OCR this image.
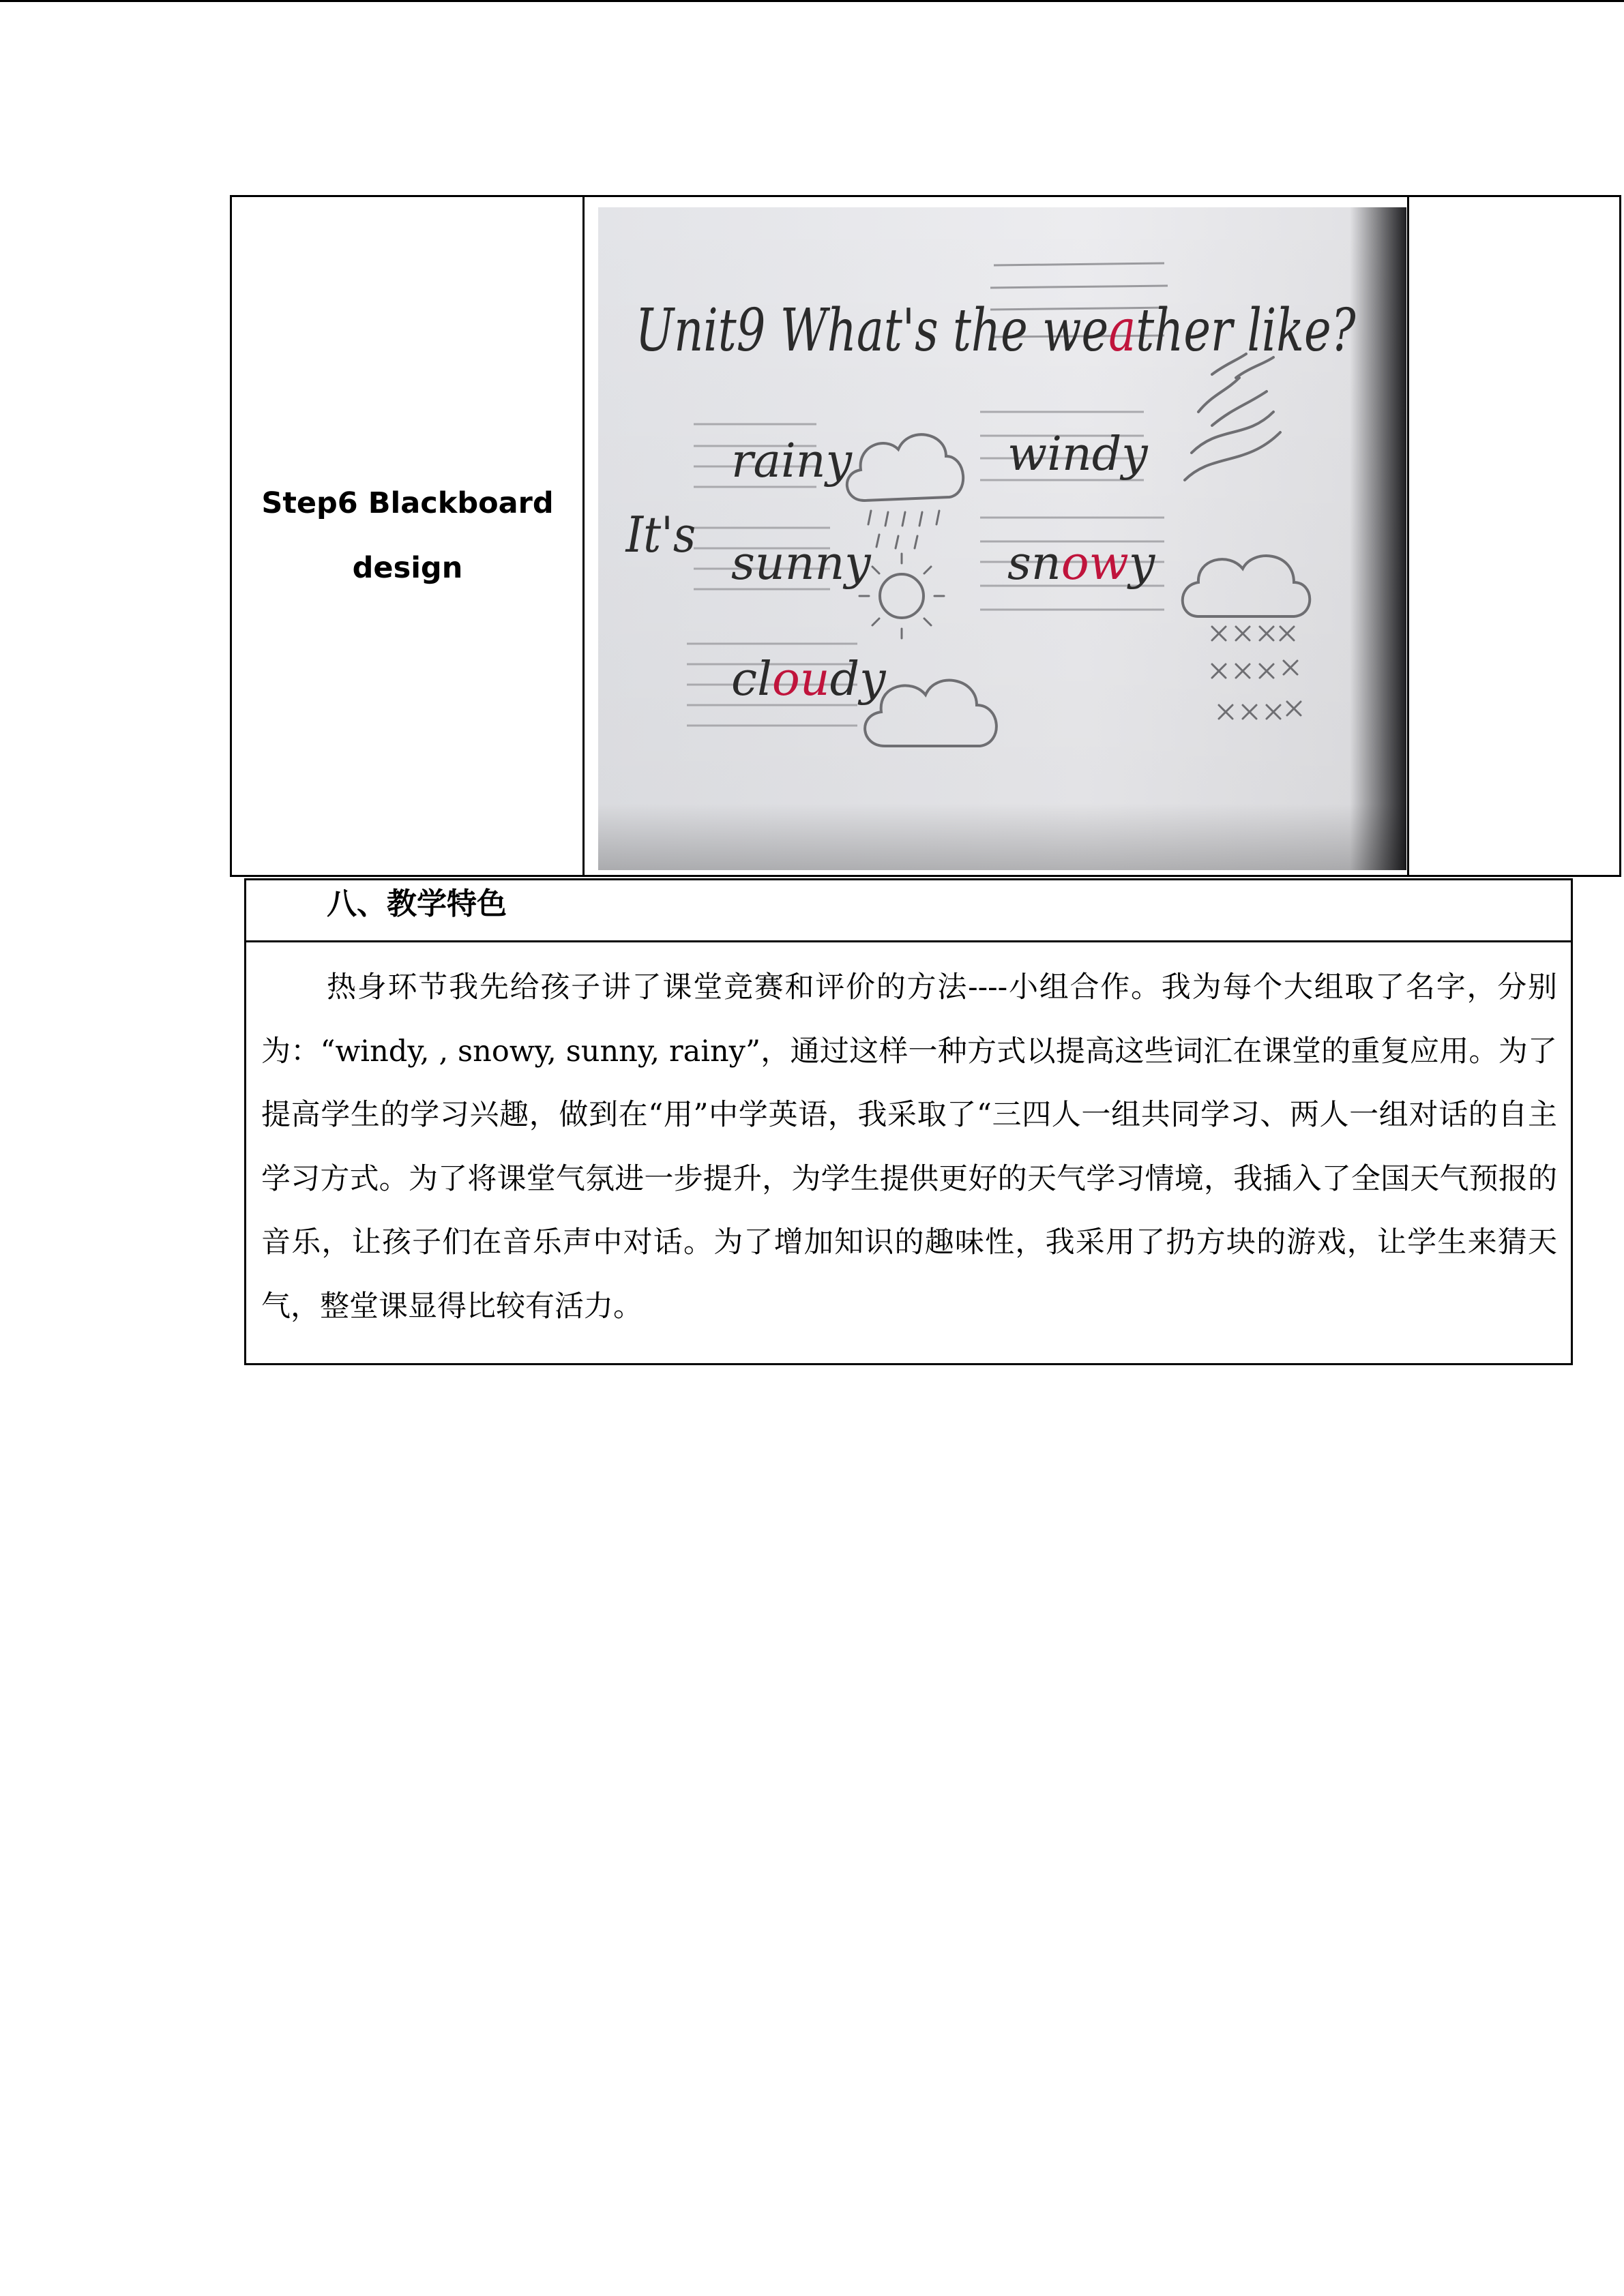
Step6 Blackboard
design
Unit9 What's the weather like?
It's
rainy
sunny
cloudy
windy
snowy
八、教学特色
热身环节我先给孩子讲了课堂竞赛和评价的方法----小组合作。我为每个大组取了名字，分别为：“windy, , snowy, sunny, rainy”，通过这样一种方式以提高这些词汇在课堂的重复应用。为了提高学生的学习兴趣，做到在“用”中学英语，我采取了“三四人一组共同学习、两人一组对话的自主学习方式。为了将课堂气氛进一步提升，为学生提供更好的天气学习情境，我插入了全国天气预报的音乐，让孩子们在音乐声中对话。为了增加知识的趣味性，我采用了扔方块的游戏，让学生来猜天气，整堂课显得比较有活力。
